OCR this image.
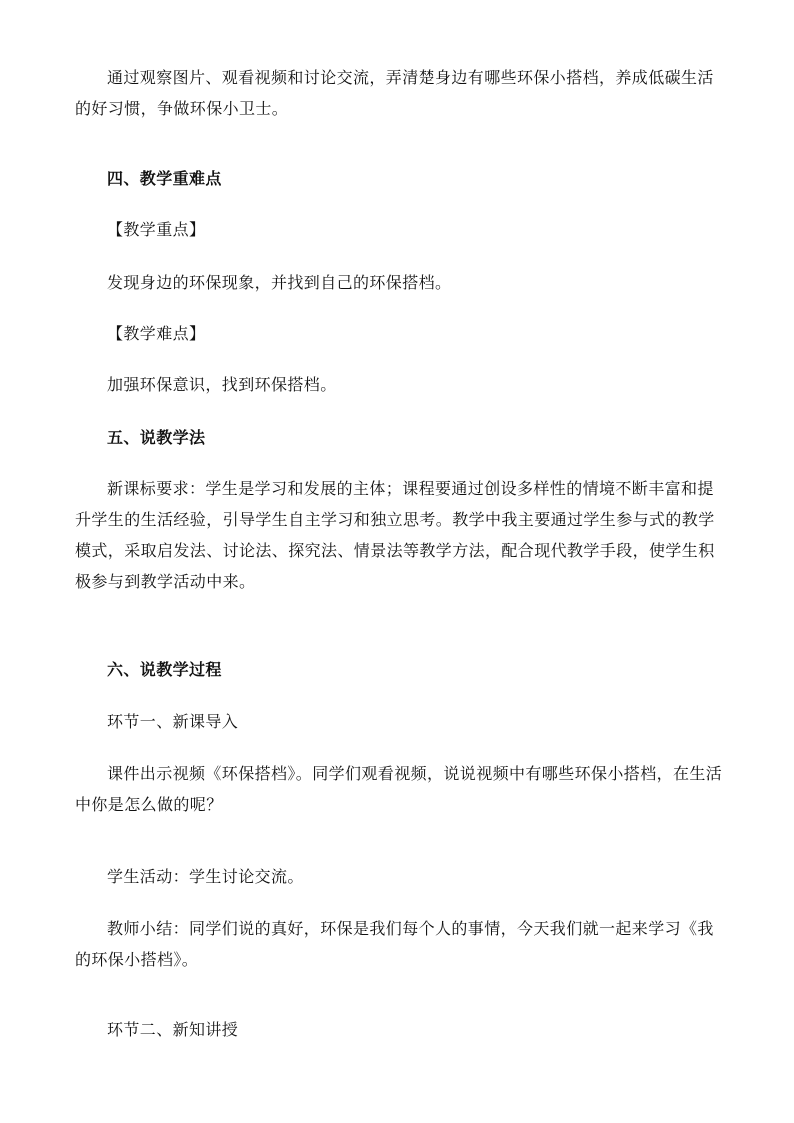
通过观察图片、观看视频和讨论交流，弄清楚身边有哪些环保小搭档，养成低碳生活的好习惯，争做环保小卫士。

四、教学重难点

【教学重点】

发现身边的环保现象，并找到自己的环保搭档。

【教学难点】

加强环保意识，找到环保搭档。

五、说教学法

新课标要求：学生是学习和发展的主体；课程要通过创设多样性的情境不断丰富和提升学生的生活经验，引导学生自主学习和独立思考。教学中我主要通过学生参与式的教学模式，采取启发法、讨论法、探究法、情景法等教学方法，配合现代教学手段，使学生积极参与到教学活动中来。

六、说教学过程

环节一、新课导入

课件出示视频《环保搭档》。同学们观看视频，说说视频中有哪些环保小搭档，在生活中你是怎么做的呢？

学生活动：学生讨论交流。

教师小结：同学们说的真好，环保是我们每个人的事情，今天我们就一起来学习《我的环保小搭档》。

环节二、新知讲授
